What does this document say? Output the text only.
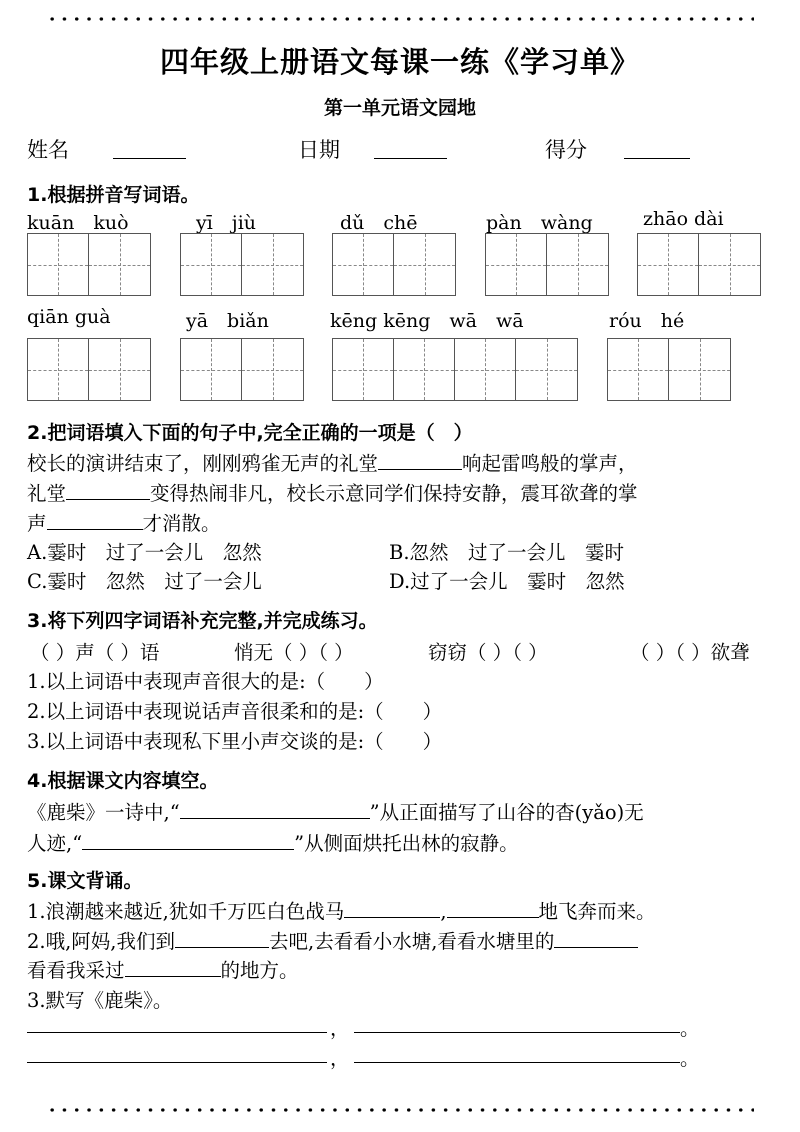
四年级上册语文每课一练《学习单》
第一单元语文园地
姓名	日期	得分
1.根据拼音写词语。
kuān　kuò	yī　jiù	dǔ　chē	pàn　wàng	zhāo dài
qiān guà	yā　biǎn	kēng kēng　wā　wā	róu　hé
2.把词语填入下面的句子中,完全正确的一项是（　）
校长的演讲结束了，刚刚鸦雀无声的礼堂	响起雷鸣般的掌声，
礼堂	变得热闹非凡，校长示意同学们保持安静，震耳欲聋的掌
声	才消散。
A.霎时　过了一会儿　忽然	B.忽然　过了一会儿　霎时
C.霎时　忽然　过了一会儿	D.过了一会儿　霎时　忽然
3.将下列四字词语补充完整,并完成练习。
（ ）声（ ）语	悄无（ ）（ ）	窃窃（ ）（ ）	（ ）（ ）欲聋
1.以上词语中表现声音很大的是:（　　）
2.以上词语中表现说话声音很柔和的是:（　　）
3.以上词语中表现私下里小声交谈的是:（　　）
4.根据课文内容填空。
《鹿柴》一诗中,“	”从正面描写了山谷的杳(yǎo)无
人迹,“	”从侧面烘托出林的寂静。
5.课文背诵。
1.浪潮越来越近,犹如千万匹白色战马	,	地飞奔而来。
2.哦,阿妈,我们到	去吧,去看看小水塘,看看水塘里的
看看我采过	的地方。
3.默写《鹿柴》。
，	。
，	。
